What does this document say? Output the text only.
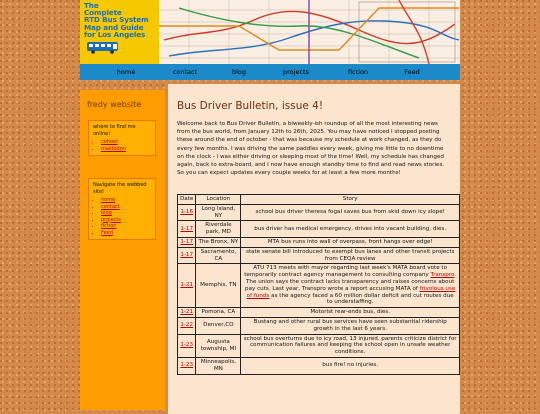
The
Complete
RTD Bus System
Map and Guide
for Los Angeles
home	contact	blog	projects	fiction	Feed
fredy website
where to find me online!
• cohost
• mastodon
Navigate the webbed site!
• home
• contact
• blog
• projects
• fiction
• Feed
Bus Driver Bulletin, issue 4!
Welcome back to Bus Driver Bulletin, a biweekly-ish roundup of all the most interesting news from the bus world, from January 12th to 26th, 2025. You may have noticed I stopped posting these around the end of october - that was because my schedule at work changed, as they do every few months. I was driving the same paddles every week, giving me little to no downtime on the clock - i was either driving or sleeping most of the time! Well, my schedule has changed again, back to extra-board, and I now have enough standby time to find and read news stories. So you can expect updates every couple weeks for at least a few more months!
Date	Location	Story
1-16	Long Island, NY	school bus driver theresa fogal saves bus from skid down icy slope!
1-17	Riverdale park, MD	bus driver has medical emergency, drives into vacant building, dies.
1-17	The Bronx, NY	MTA bus runs into wall of overpass, front hangs over edge!
1-17	Sacramento, CA	state senate bill introduced to exempt bus lanes and other transit projects from CEQA review
1-21	Memphis, TN	ATU 713 meets with mayor regarding last week's MATA board vote to temporarily contract agency management to consulting company Transpro. The union says the contract lacks transparency and raises concerns about pay cuts. Last year, Transpro wrote a report accusing MATA of frivolous use of funds as the agency faced a 60 million dollar deficit and cut routes due to understaffing.
1-21	Pomona, CA	Motorist rear-ends bus, dies.
1-22	Denver,CO	Bustang and other rural bus services have seen substantial ridership growth in the last 6 years.
1-23	Augusta township, MI	school bus overturns due to icy road, 13 injured. parents criticize district for communication failures and keeping the school open in unsafe weather conditions.
1-23	Minneapolis, MN	bus fire! no injuries.
